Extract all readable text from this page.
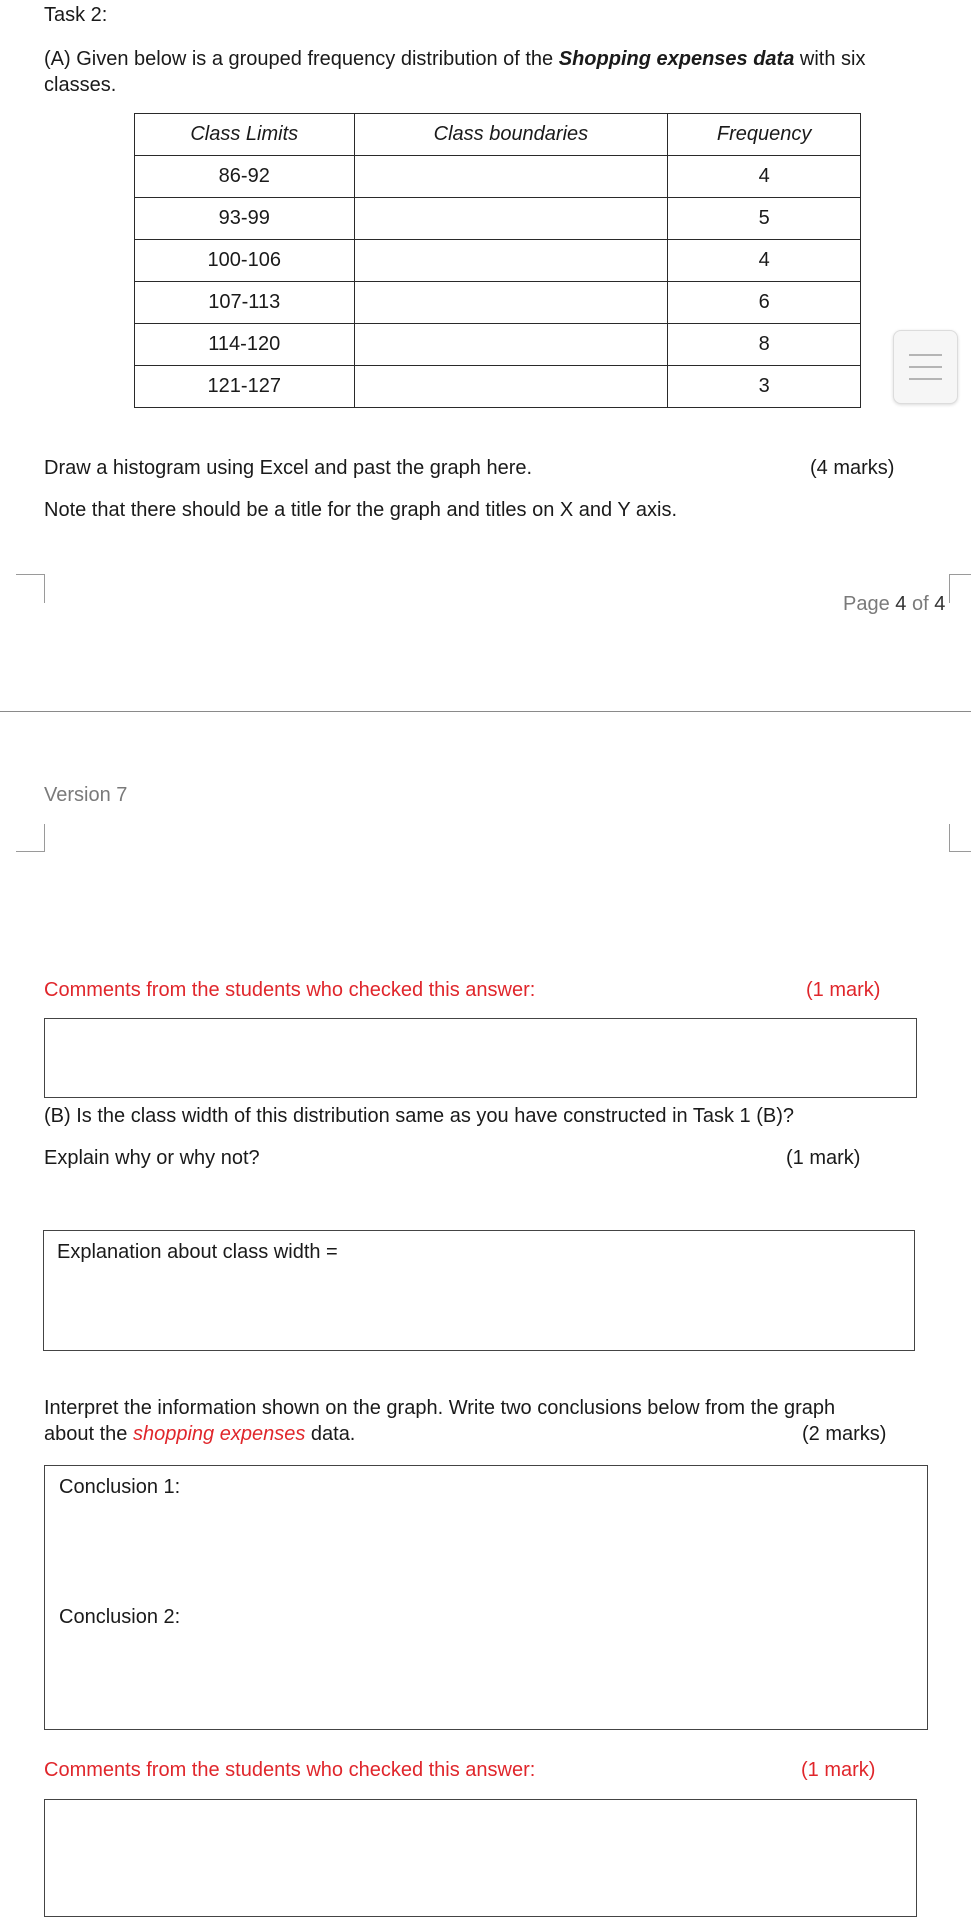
Task 2:
(A) Given below is a grouped frequency distribution of the Shopping expenses data with six classes.
Class Limits	Class boundaries	Frequency
86-92		4
93-99		5
100-106		4
107-113		6
114-120		8
121-127		3
Draw a histogram using Excel and past the graph here.	(4 marks)
Note that there should be a title for the graph and titles on X and Y axis.
Page 4 of 4
Version 7
Comments from the students who checked this answer:	(1 mark)
(B) Is the class width of this distribution same as you have constructed in Task 1 (B)?
Explain why or why not?	(1 mark)
Explanation about class width =
Interpret the information shown on the graph. Write two conclusions below from the graph
about the shopping expenses data.	(2 marks)
Conclusion 1:
Conclusion 2:
Comments from the students who checked this answer:	(1 mark)
